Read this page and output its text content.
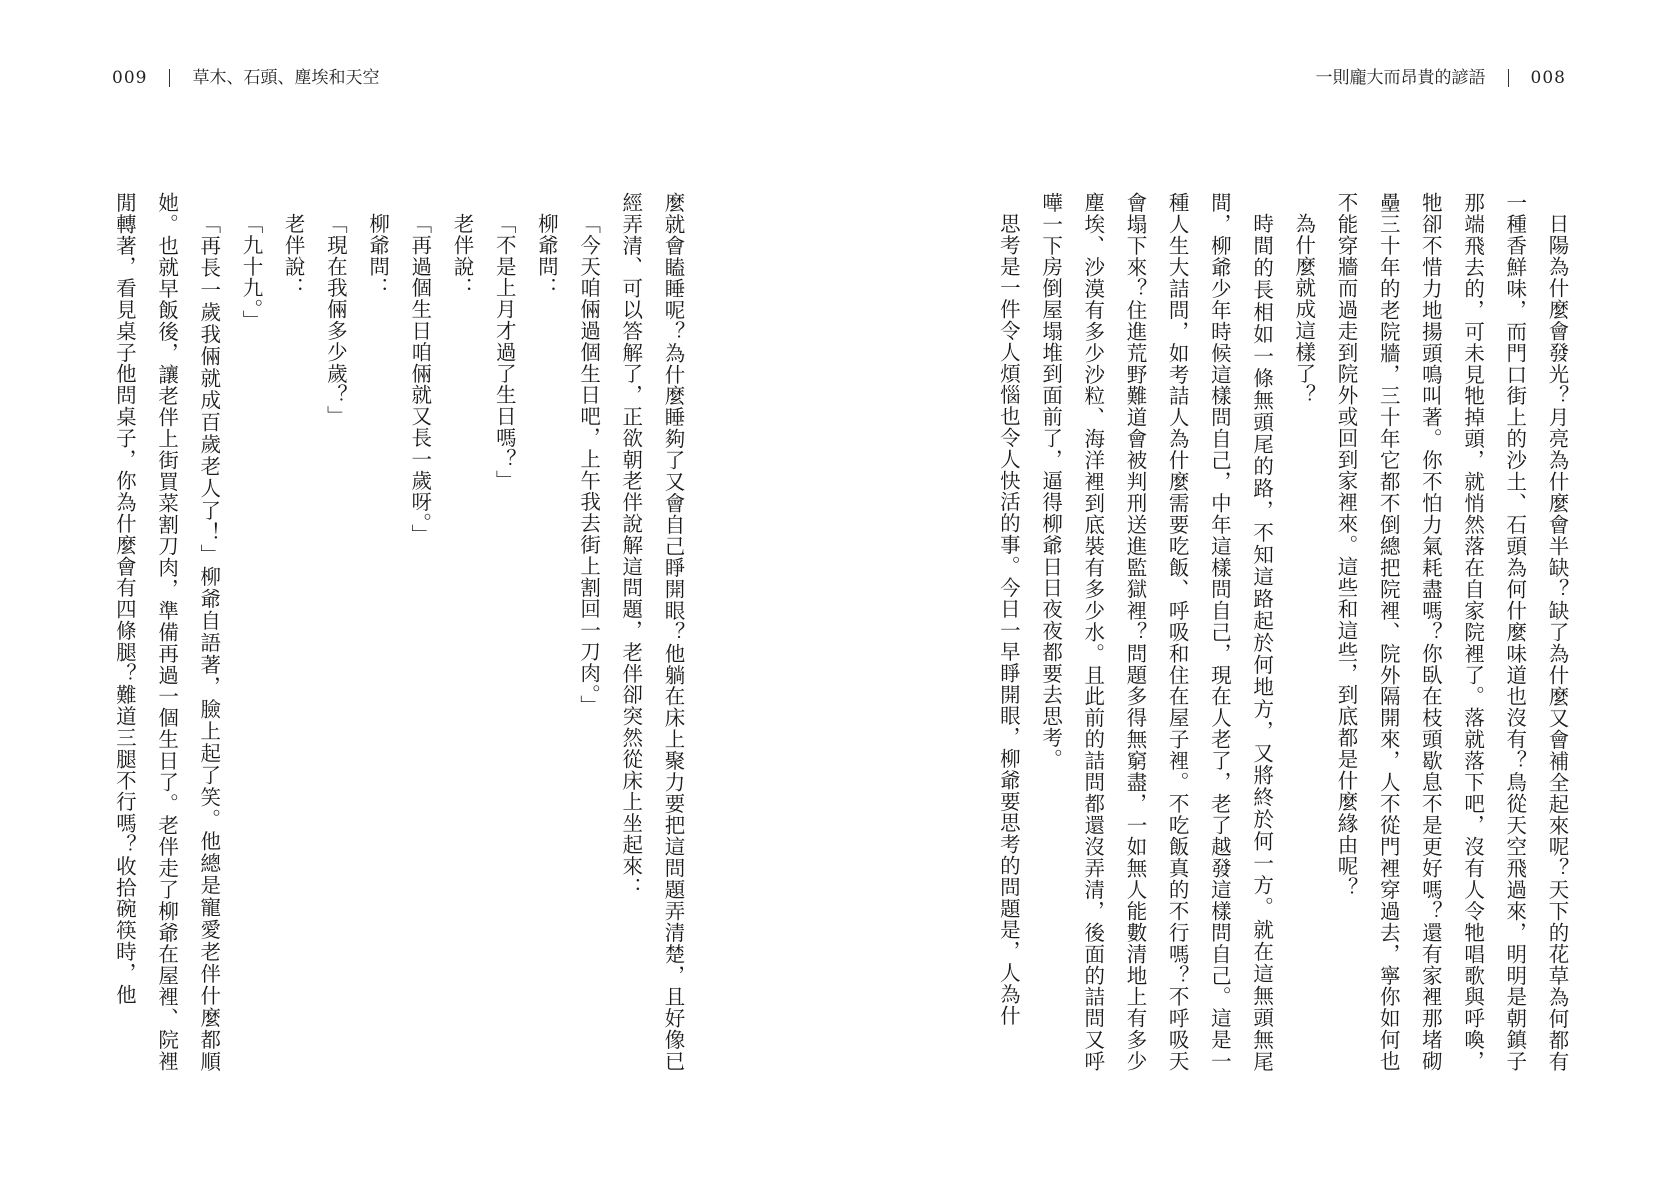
009	草木、石頭、塵埃和天空	一則龐大而昂貴的諺語	008

日陽為什麼會發光？月亮為什麼會半缺？缺了為什麼又會補全起來呢？天下的花草為何都有一種香鮮味，而門口街上的沙土、石頭為何什麼味道也沒有？鳥從天空飛過來，明明是朝鎮子那端飛去的，可未見牠掉頭，就悄然落在自家院裡了。落就落下吧，沒有人令牠唱歌與呼喚，牠卻不惜力地揚頭鳴叫著。你不怕力氣耗盡嗎？你臥在枝頭歇息不是更好嗎？還有家裡那堵砌壘三十年的老院牆，三十年它都不倒總把院裡、院外隔開來，人不從門裡穿過去，寧你如何也不能穿牆而過走到院外或回到家裡來。這些和這些，到底都是什麼緣由呢？

為什麼就成這樣了？

時間的長相如一條無頭尾的路，不知這路起於何地方，又將終於何一方。就在這無頭無尾間，柳爺少年時候這樣問自己，中年這樣問自己，現在人老了，老了越發這樣問自己。這是一種人生大詰問，如考詰人為什麼需要吃飯、呼吸和住在屋子裡。不吃飯真的不行嗎？不呼吸天會塌下來？住進荒野難道會被判刑送進監獄裡？問題多得無窮盡，一如無人能數清地上有多少塵埃、沙漠有多少沙粒、海洋裡到底裝有多少水。且此前的詰問都還沒弄清，後面的詰問又呼嘩一下房倒屋塌堆到面前了，逼得柳爺日日夜夜都要去思考。

思考是一件令人煩惱也令人快活的事。今日一早睜開眼，柳爺要思考的問題是，人為什

麼就會瞌睡呢？為什麼睡夠了又會自己睜開眼？他躺在床上聚力要把這問題弄清楚，且好像已經弄清、可以答解了，正欲朝老伴說解這問題，老伴卻突然從床上坐起來：

「今天咱倆過個生日吧，上午我去街上割回一刀肉。」

柳爺問：

「不是上月才過了生日嗎？」

老伴說：

「再過個生日咱倆就又長一歲呀。」

柳爺問：

「現在我倆多少歲？」

老伴說：

「九十九。」

「再長一歲我倆就成百歲老人了！」柳爺自語著，臉上起了笑。他總是寵愛老伴什麼都順她。也就早飯後，讓老伴上街買菜割刀肉，準備再過一個生日了。老伴走了柳爺在屋裡、院裡閒轉著，看見桌子他問桌子，你為什麼會有四條腿？難道三腿不行嗎？收拾碗筷時，他
